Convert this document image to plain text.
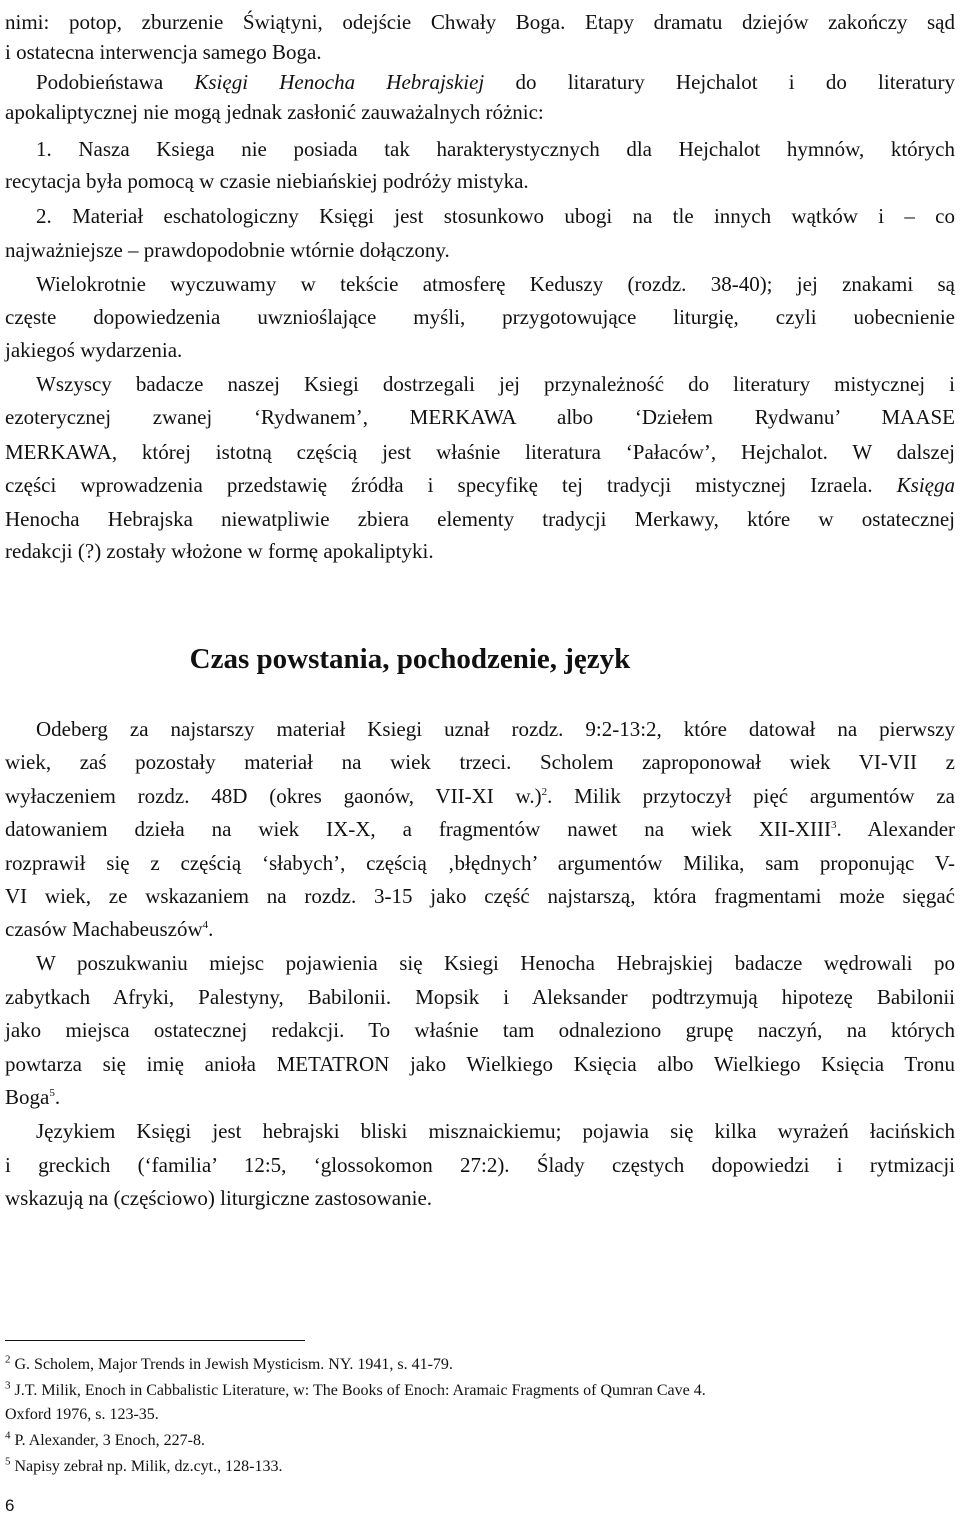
nimi: potop, zburzenie Świątyni, odejście Chwały Boga. Etapy dramatu dziejów zakończy sąd
i ostatecna interwencja samego Boga.
Podobieństawa Księgi Henocha Hebrajskiej do litaratury Hejchalot i do literatury
apokaliptycznej nie mogą jednak zasłonić zauważalnych różnic:
1. Nasza Ksiega nie posiada tak harakterystycznych dla Hejchalot hymnów, których
recytacja była pomocą w czasie niebiańskiej podróży mistyka.
2. Materiał eschatologiczny Księgi jest stosunkowo ubogi na tle innych wątków i – co
najważniejsze – prawdopodobnie wtórnie dołączony.
Wielokrotnie wyczuwamy w tekście atmosferę Keduszy (rozdz. 38-40); jej znakami są
częste dopowiedzenia uwznioślające myśli, przygotowujące liturgię, czyli uobecnienie
jakiegoś wydarzenia.
Wszyscy badacze naszej Ksiegi dostrzegali jej przynależność do literatury mistycznej i
ezoterycznej zwanej ‘Rydwanem’, MERKAWA albo ‘Dziełem Rydwanu’ MAASE
MERKAWA, której istotną częścią jest właśnie literatura ‘Pałaców’, Hejchalot. W dalszej
części wprowadzenia przedstawię źródła i specyfikę tej tradycji mistycznej Izraela. Księga
Henocha Hebrajska niewatpliwie zbiera elementy tradycji Merkawy, które w ostatecznej
redakcji (?) zostały włożone w formę apokaliptyki.
Czas powstania, pochodzenie, język
Odeberg za najstarszy materiał Ksiegi uznał rozdz. 9:2-13:2, które datował na pierwszy
wiek, zaś pozostały materiał na wiek trzeci. Scholem zaproponował wiek VI-VII z
wyłaczeniem rozdz. 48D (okres gaonów, VII-XI w.)$^2$. Milik przytoczył pięć argumentów za
datowaniem dzieła na wiek IX-X, a fragmentów nawet na wiek XII-XIII$^3$. Alexander
rozprawił się z częścią ‘słabych’, częścią ‚błędnych’ argumentów Milika, sam proponując V-
VI wiek, ze wskazaniem na rozdz. 3-15 jako część najstarszą, która fragmentami może sięgać
czasów Machabeuszów$^4$.
W poszukwaniu miejsc pojawienia się Ksiegi Henocha Hebrajskiej badacze wędrowali po
zabytkach Afryki, Palestyny, Babilonii. Mopsik i Aleksander podtrzymują hipotezę Babilonii
jako miejsca ostatecznej redakcji. To właśnie tam odnaleziono grupę naczyń, na których
powtarza się imię anioła METATRON jako Wielkiego Księcia albo Wielkiego Księcia Tronu
Boga$^5$.
Językiem Księgi jest hebrajski bliski misznaickiemu; pojawia się kilka wyrażeń łacińskich
i greckich (‘familia’ 12:5, ‘glossokomon 27:2). Ślady częstych dopowiedzi i rytmizacji
wskazują na (częściowo) liturgiczne zastosowanie.
$^2$ G. Scholem, Major Trends in Jewish Mysticism. NY. 1941, s. 41-79.
$^3$ J.T. Milik, Enoch in Cabbalistic Literature, w: The Books of Enoch: Aramaic Fragments of Qumran Cave 4.
Oxford 1976, s. 123-35.
$^4$ P. Alexander, 3 Enoch, 227-8.
$^5$ Napisy zebrał np. Milik, dz.cyt., 128-133.
6
